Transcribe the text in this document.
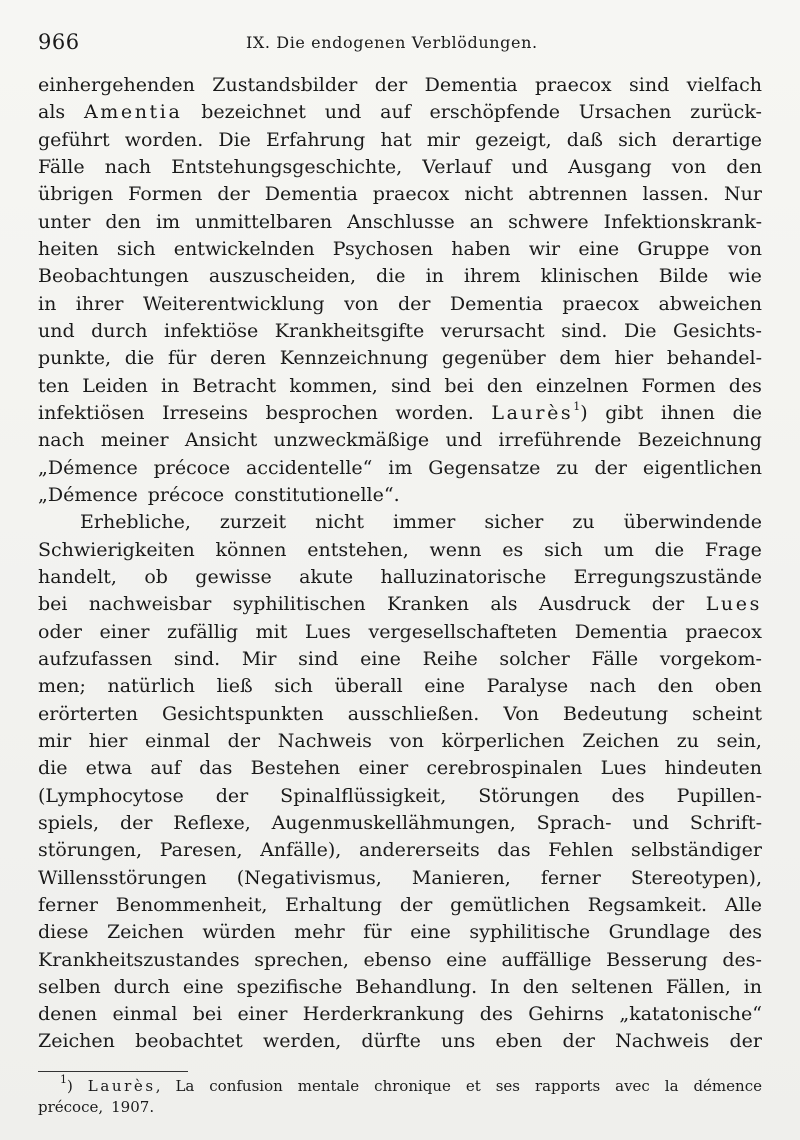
966	IX. Die endogenen Verblödungen.
einhergehenden Zustandsbilder der Dementia praecox sind vielfach
als Amentia bezeichnet und auf erschöpfende Ursachen zurück-
geführt worden. Die Erfahrung hat mir gezeigt, daß sich derartige
Fälle nach Entstehungsgeschichte, Verlauf und Ausgang von den
übrigen Formen der Dementia praecox nicht abtrennen lassen. Nur
unter den im unmittelbaren Anschlusse an schwere Infektionskrank-
heiten sich entwickelnden Psychosen haben wir eine Gruppe von
Beobachtungen auszuscheiden, die in ihrem klinischen Bilde wie
in ihrer Weiterentwicklung von der Dementia praecox abweichen
und durch infektiöse Krankheitsgifte verursacht sind. Die Gesichts-
punkte, die für deren Kennzeichnung gegenüber dem hier behandel-
ten Leiden in Betracht kommen, sind bei den einzelnen Formen des
infektiösen Irreseins besprochen worden. Laurès$^1$) gibt ihnen die
nach meiner Ansicht unzweckmäßige und irreführende Bezeichnung
„Démence précoce accidentelle“ im Gegensatze zu der eigentlichen
„Démence précoce constitutionelle“.
Erhebliche, zurzeit nicht immer sicher zu überwindende
Schwierigkeiten können entstehen, wenn es sich um die Frage
handelt, ob gewisse akute halluzinatorische Erregungszustände
bei nachweisbar syphilitischen Kranken als Ausdruck der Lues
oder einer zufällig mit Lues vergesellschafteten Dementia praecox
aufzufassen sind. Mir sind eine Reihe solcher Fälle vorgekom-
men; natürlich ließ sich überall eine Paralyse nach den oben
erörterten Gesichtspunkten ausschließen. Von Bedeutung scheint
mir hier einmal der Nachweis von körperlichen Zeichen zu sein,
die etwa auf das Bestehen einer cerebrospinalen Lues hindeuten
(Lymphocytose der Spinalflüssigkeit, Störungen des Pupillen-
spiels, der Reflexe, Augenmuskellähmungen, Sprach- und Schrift-
störungen, Paresen, Anfälle), andererseits das Fehlen selbständiger
Willensstörungen (Negativismus, Manieren, ferner Stereotypen),
ferner Benommenheit, Erhaltung der gemütlichen Regsamkeit. Alle
diese Zeichen würden mehr für eine syphilitische Grundlage des
Krankheitszustandes sprechen, ebenso eine auffällige Besserung des-
selben durch eine spezifische Behandlung. In den seltenen Fällen, in
denen einmal bei einer Herderkrankung des Gehirns „katatonische“
Zeichen beobachtet werden, dürfte uns eben der Nachweis der
$^1$) Laurès, La confusion mentale chronique et ses rapports avec la démence
précoce, 1907.
